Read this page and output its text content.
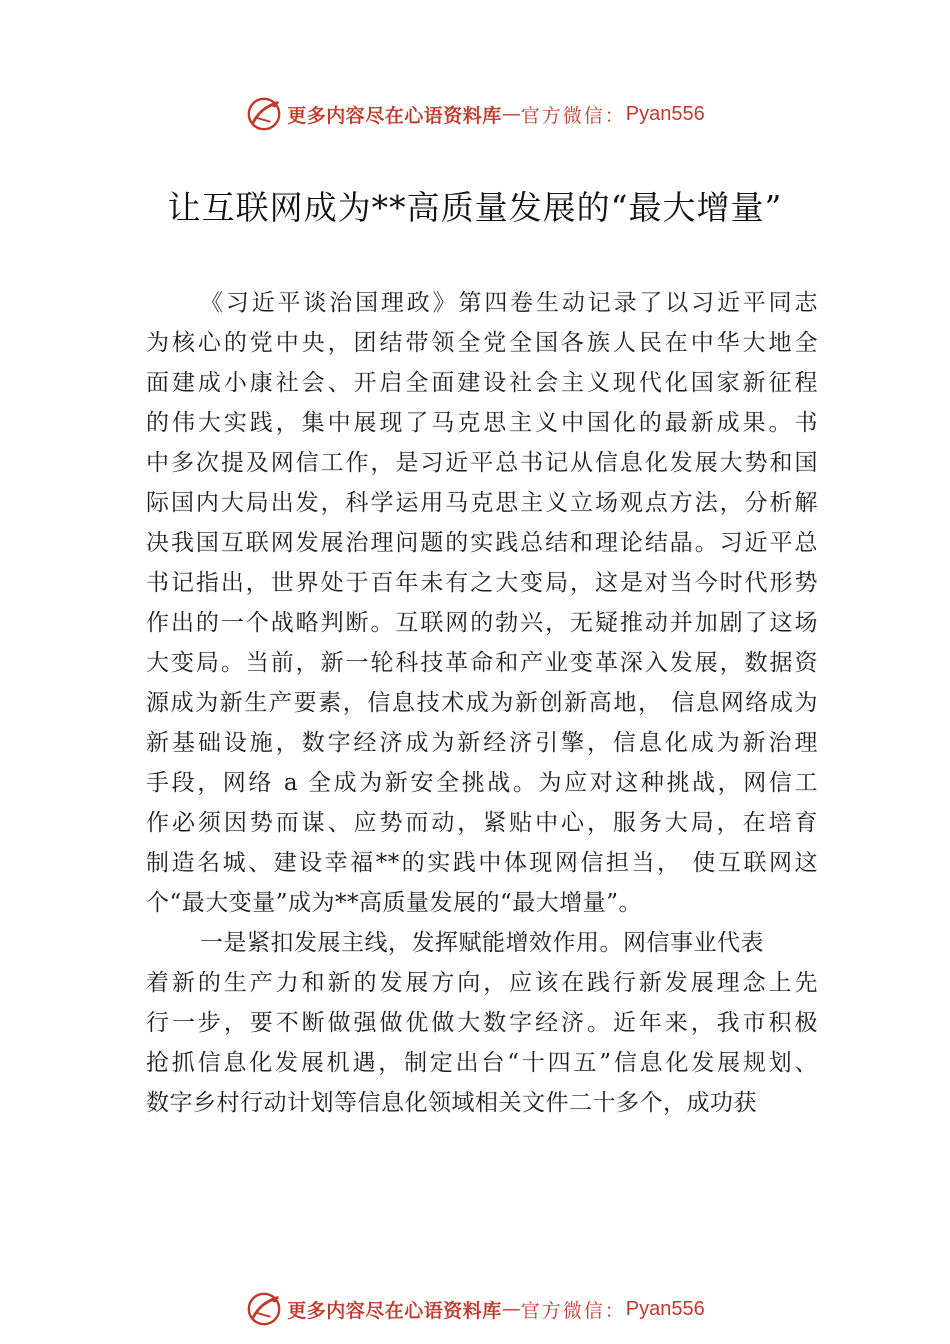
更多内容尽在心语资料库 — 官方微信： Pyan556
让互联网成为**高质量发展的“最大增量”
《习近平谈治国理政》第四卷生动记录了以习近平同志
为核心的党中央，团结带领全党全国各族人民在中华大地全
面建成小康社会、开启全面建设社会主义现代化国家新征程
的伟大实践，集中展现了马克思主义中国化的最新成果。书
中多次提及网信工作，是习近平总书记从信息化发展大势和国
际国内大局出发，科学运用马克思主义立场观点方法，分析解
决我国互联网发展治理问题的实践总结和理论结晶。习近平总
书记指出，世界处于百年未有之大变局，这是对当今时代形势
作出的一个战略判断。互联网的勃兴，无疑推动并加剧了这场
大变局。当前，新一轮科技革命和产业变革深入发展，数据资
源成为新生产要素，信息技术成为新创新高地， 信息网络成为
新基础设施，数字经济成为新经济引擎，信息化成为新治理
手段，网络 a 全成为新安全挑战。为应对这种挑战，网信工
作必须因势而谋、应势而动，紧贴中心，服务大局，在培育
制造名城、建设幸福**的实践中体现网信担当， 使互联网这
个“最大变量”成为**高质量发展的“最大增量”。
一是紧扣发展主线，发挥赋能增效作用。网信事业代表
着新的生产力和新的发展方向，应该在践行新发展理念上先
行一步，要不断做强做优做大数字经济。近年来，我市积极
抢抓信息化发展机遇，制定出台“十四五”信息化发展规划、
数字乡村行动计划等信息化领域相关文件二十多个，成功获
更多内容尽在心语资料库 — 官方微信： Pyan556
